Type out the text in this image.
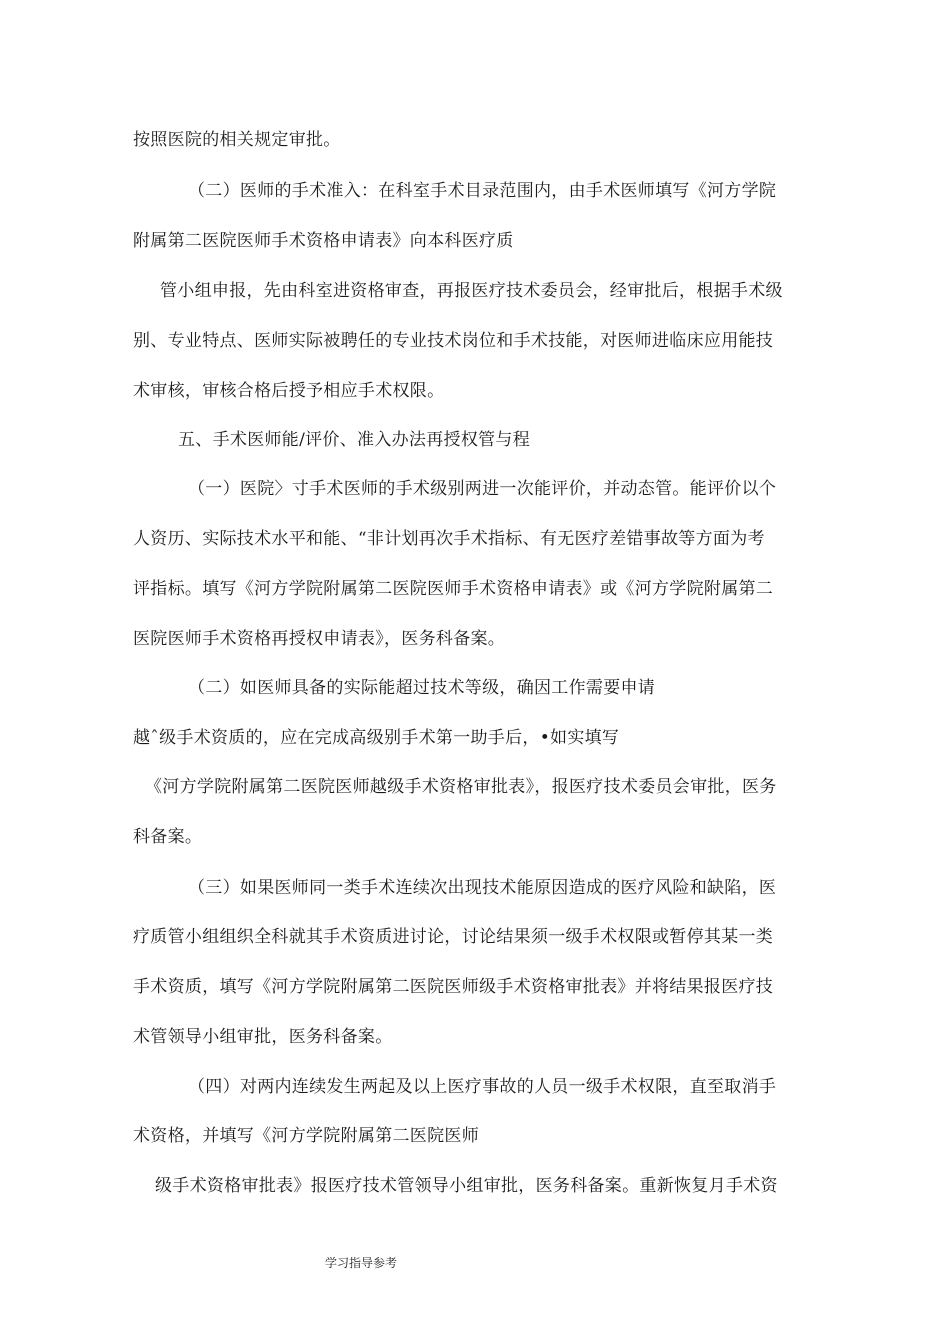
按照医院的相关规定审批。
（二）医师的手术准入：在科室手术目录范围内，由手术医师填写《河方学院
附属第二医院医师手术资格申请表》向本科医疗质
管小组申报，先由科室进资格审查，再报医疗技术委员会，经审批后，根据手术级
别、专业特点、医师实际被聘任的专业技术岗位和手术技能，对医师进临床应用能技
术审核，审核合格后授予相应手术权限。
五、手术医师能/评价、准入办法再授权管与程
（一）医院〉寸手术医师的手术级别两进一次能评价，并动态管。能评价以个
人资历、实际技术水平和能、“非计划再次手术指标、有无医疗差错事故等方面为考
评指标。填写《河方学院附属第二医院医师手术资格申请表》或《河方学院附属第二
医院医师手术资格再授权申请表》，医务科备案。
（二）如医师具备的实际能超过技术等级，确因工作需要申请
越ˆ级手术资质的，应在完成高级别手术第一助手后，•如实填写
《河方学院附属第二医院医师越级手术资格审批表》，报医疗技术委员会审批，医务
科备案。
（三）如果医师同一类手术连续次出现技术能原因造成的医疗风险和缺陷，医
疗质管小组组织全科就其手术资质进讨论，讨论结果须一级手术权限或暂停其某一类
手术资质，填写《河方学院附属第二医院医师级手术资格审批表》并将结果报医疗技
术管领导小组审批，医务科备案。
（四）对两内连续发生两起及以上医疗事故的人员一级手术权限，直至取消手
术资格，并填写《河方学院附属第二医院医师
级手术资格审批表》报医疗技术管领导小组审批，医务科备案。重新恢复月手术资
学习指导参考
